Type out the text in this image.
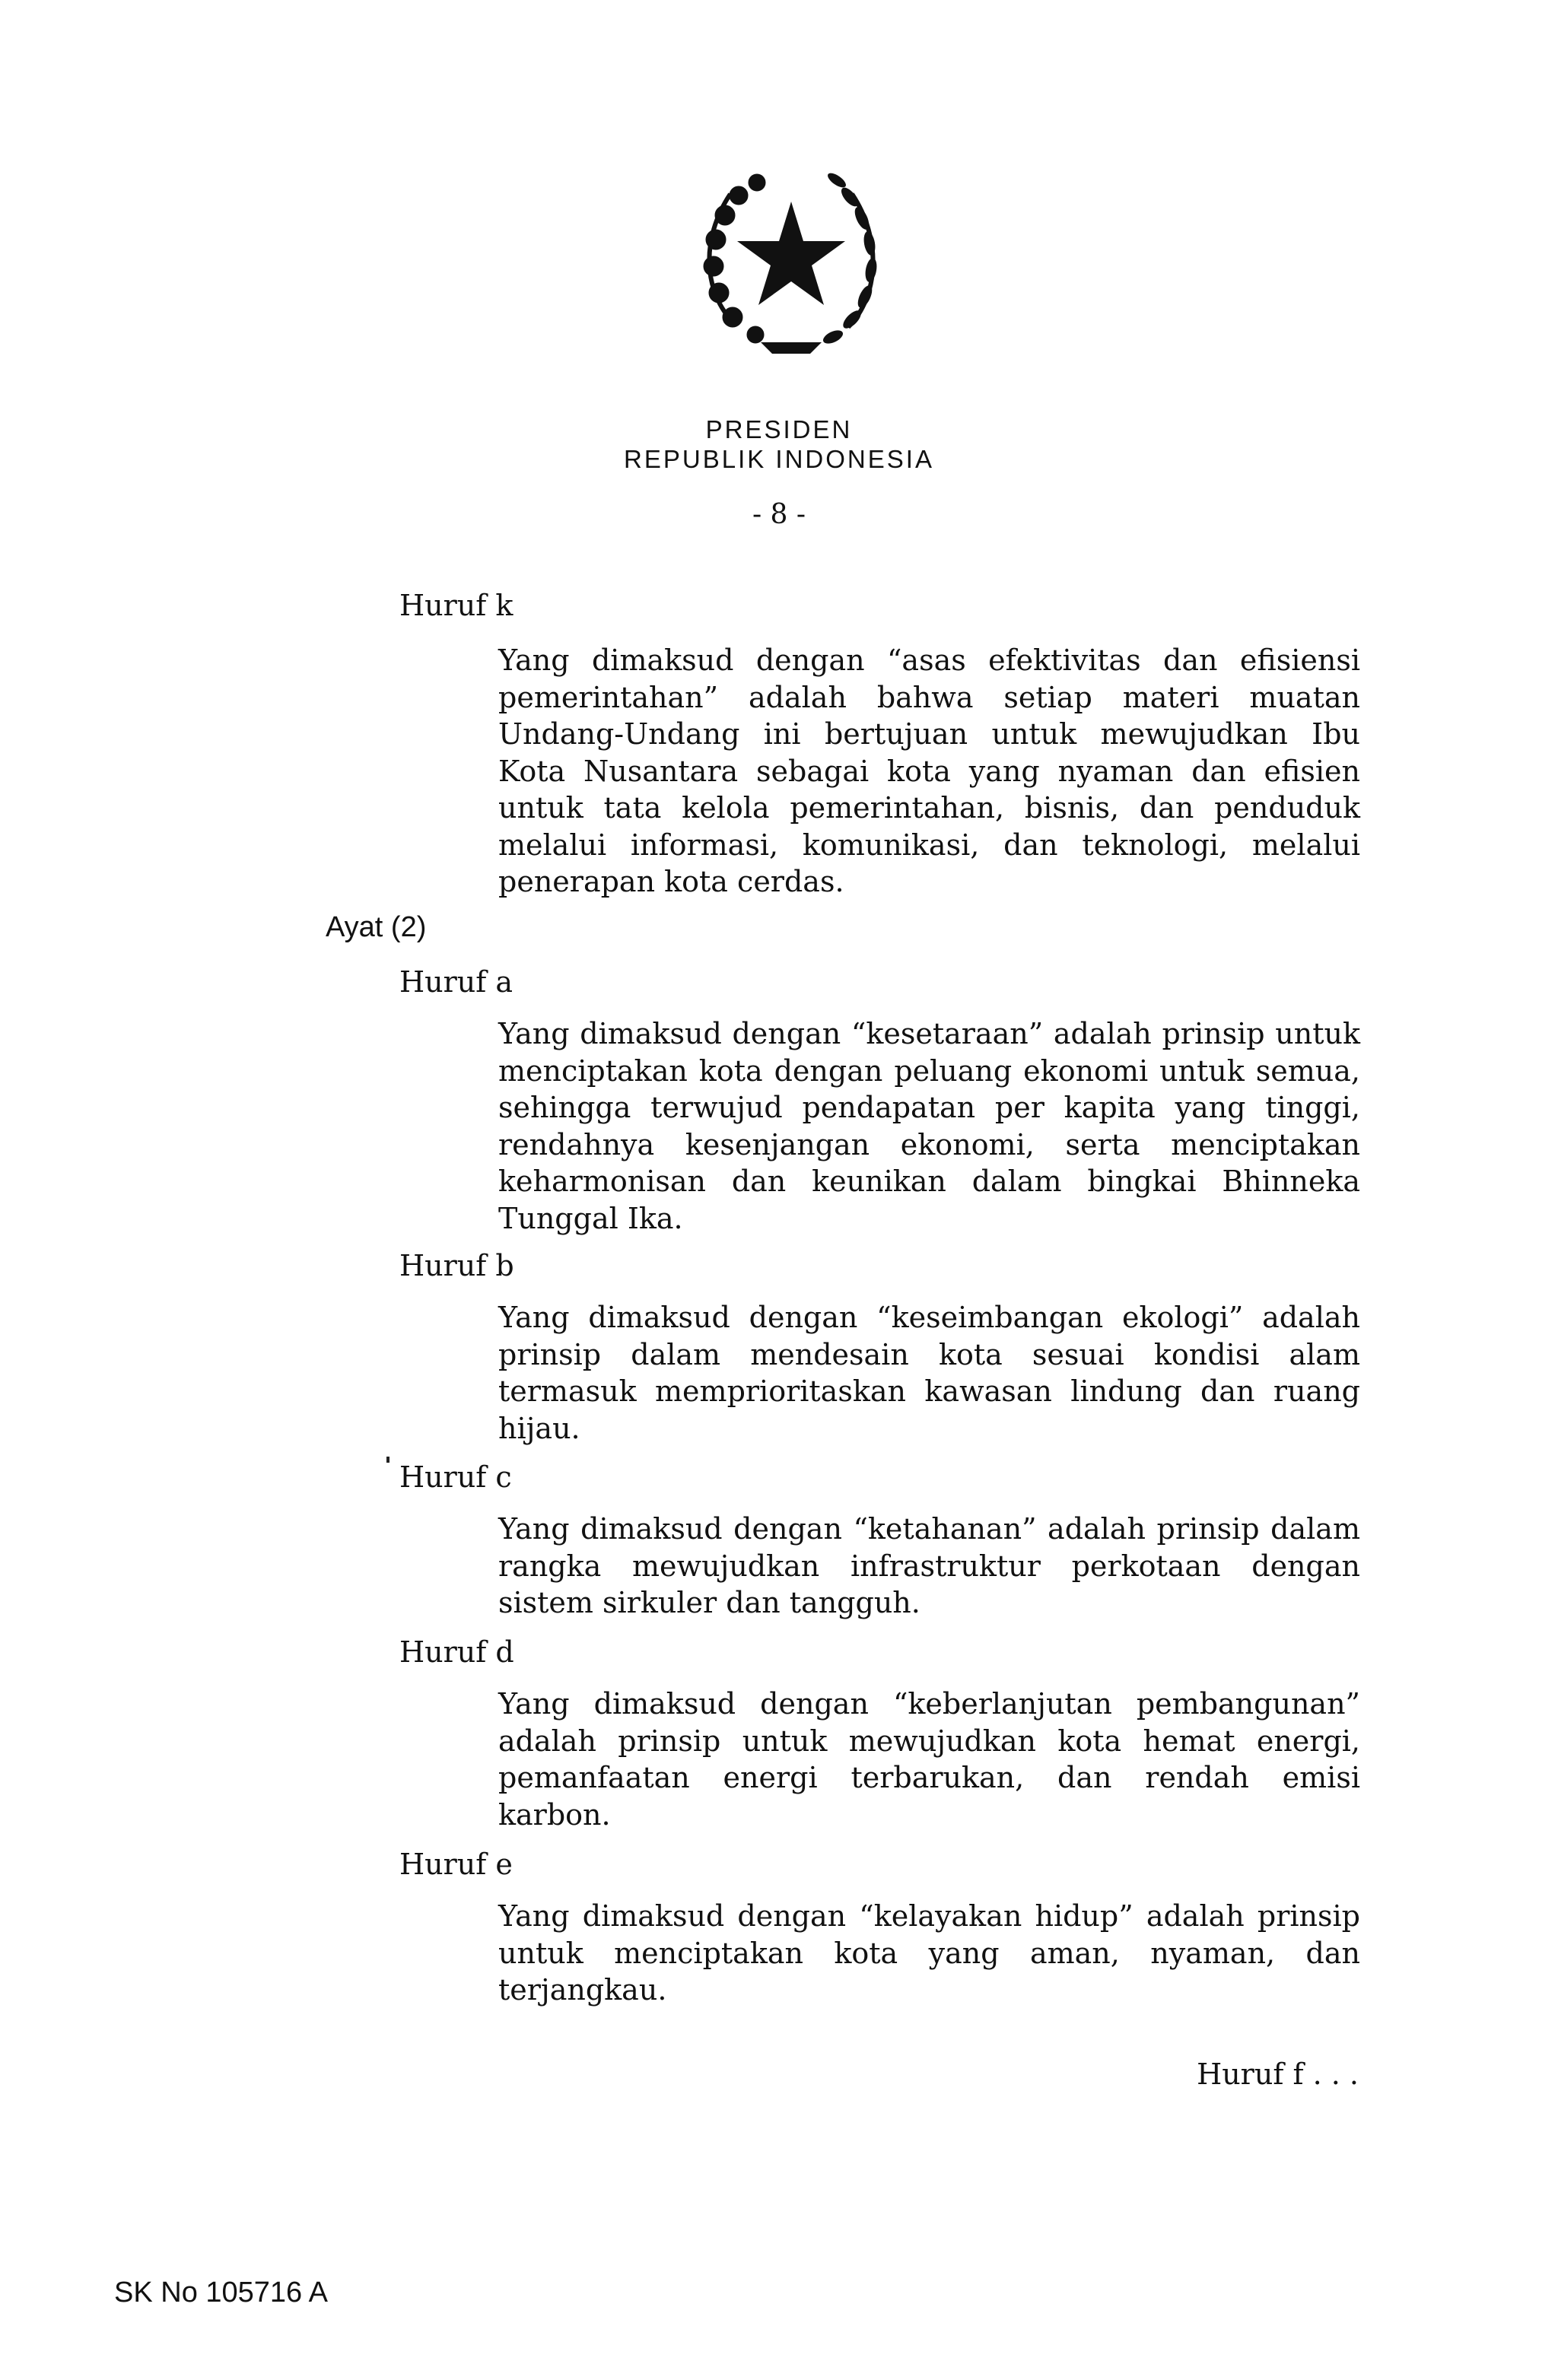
PRESIDEN
REPUBLIK INDONESIA
- 8 -
Huruf k
Yang dimaksud dengan “asas efektivitas dan efisiensi pemerintahan” adalah bahwa setiap materi muatan Undang-Undang ini bertujuan untuk mewujudkan Ibu Kota Nusantara sebagai kota yang nyaman dan efisien untuk tata kelola pemerintahan, bisnis, dan penduduk melalui informasi, komunikasi, dan teknologi, melalui penerapan kota cerdas.
Ayat (2)
Huruf a
Yang dimaksud dengan “kesetaraan” adalah prinsip untuk menciptakan kota dengan peluang ekonomi untuk semua, sehingga terwujud pendapatan per kapita yang tinggi, rendahnya kesenjangan ekonomi, serta menciptakan keharmonisan dan keunikan dalam bingkai Bhinneka Tunggal Ika.
Huruf b
Yang dimaksud dengan “keseimbangan ekologi” adalah prinsip dalam mendesain kota sesuai kondisi alam termasuk memprioritaskan kawasan lindung dan ruang hijau.
Huruf c
Yang dimaksud dengan “ketahanan” adalah prinsip dalam rangka mewujudkan infrastruktur perkotaan dengan sistem sirkuler dan tangguh.
Huruf d
Yang dimaksud dengan “keberlanjutan pembangunan” adalah prinsip untuk mewujudkan kota hemat energi, pemanfaatan energi terbarukan, dan rendah emisi karbon.
Huruf e
Yang dimaksud dengan “kelayakan hidup” adalah prinsip untuk menciptakan kota yang aman, nyaman, dan terjangkau.
Huruf f . . .
SK No 105716 A
